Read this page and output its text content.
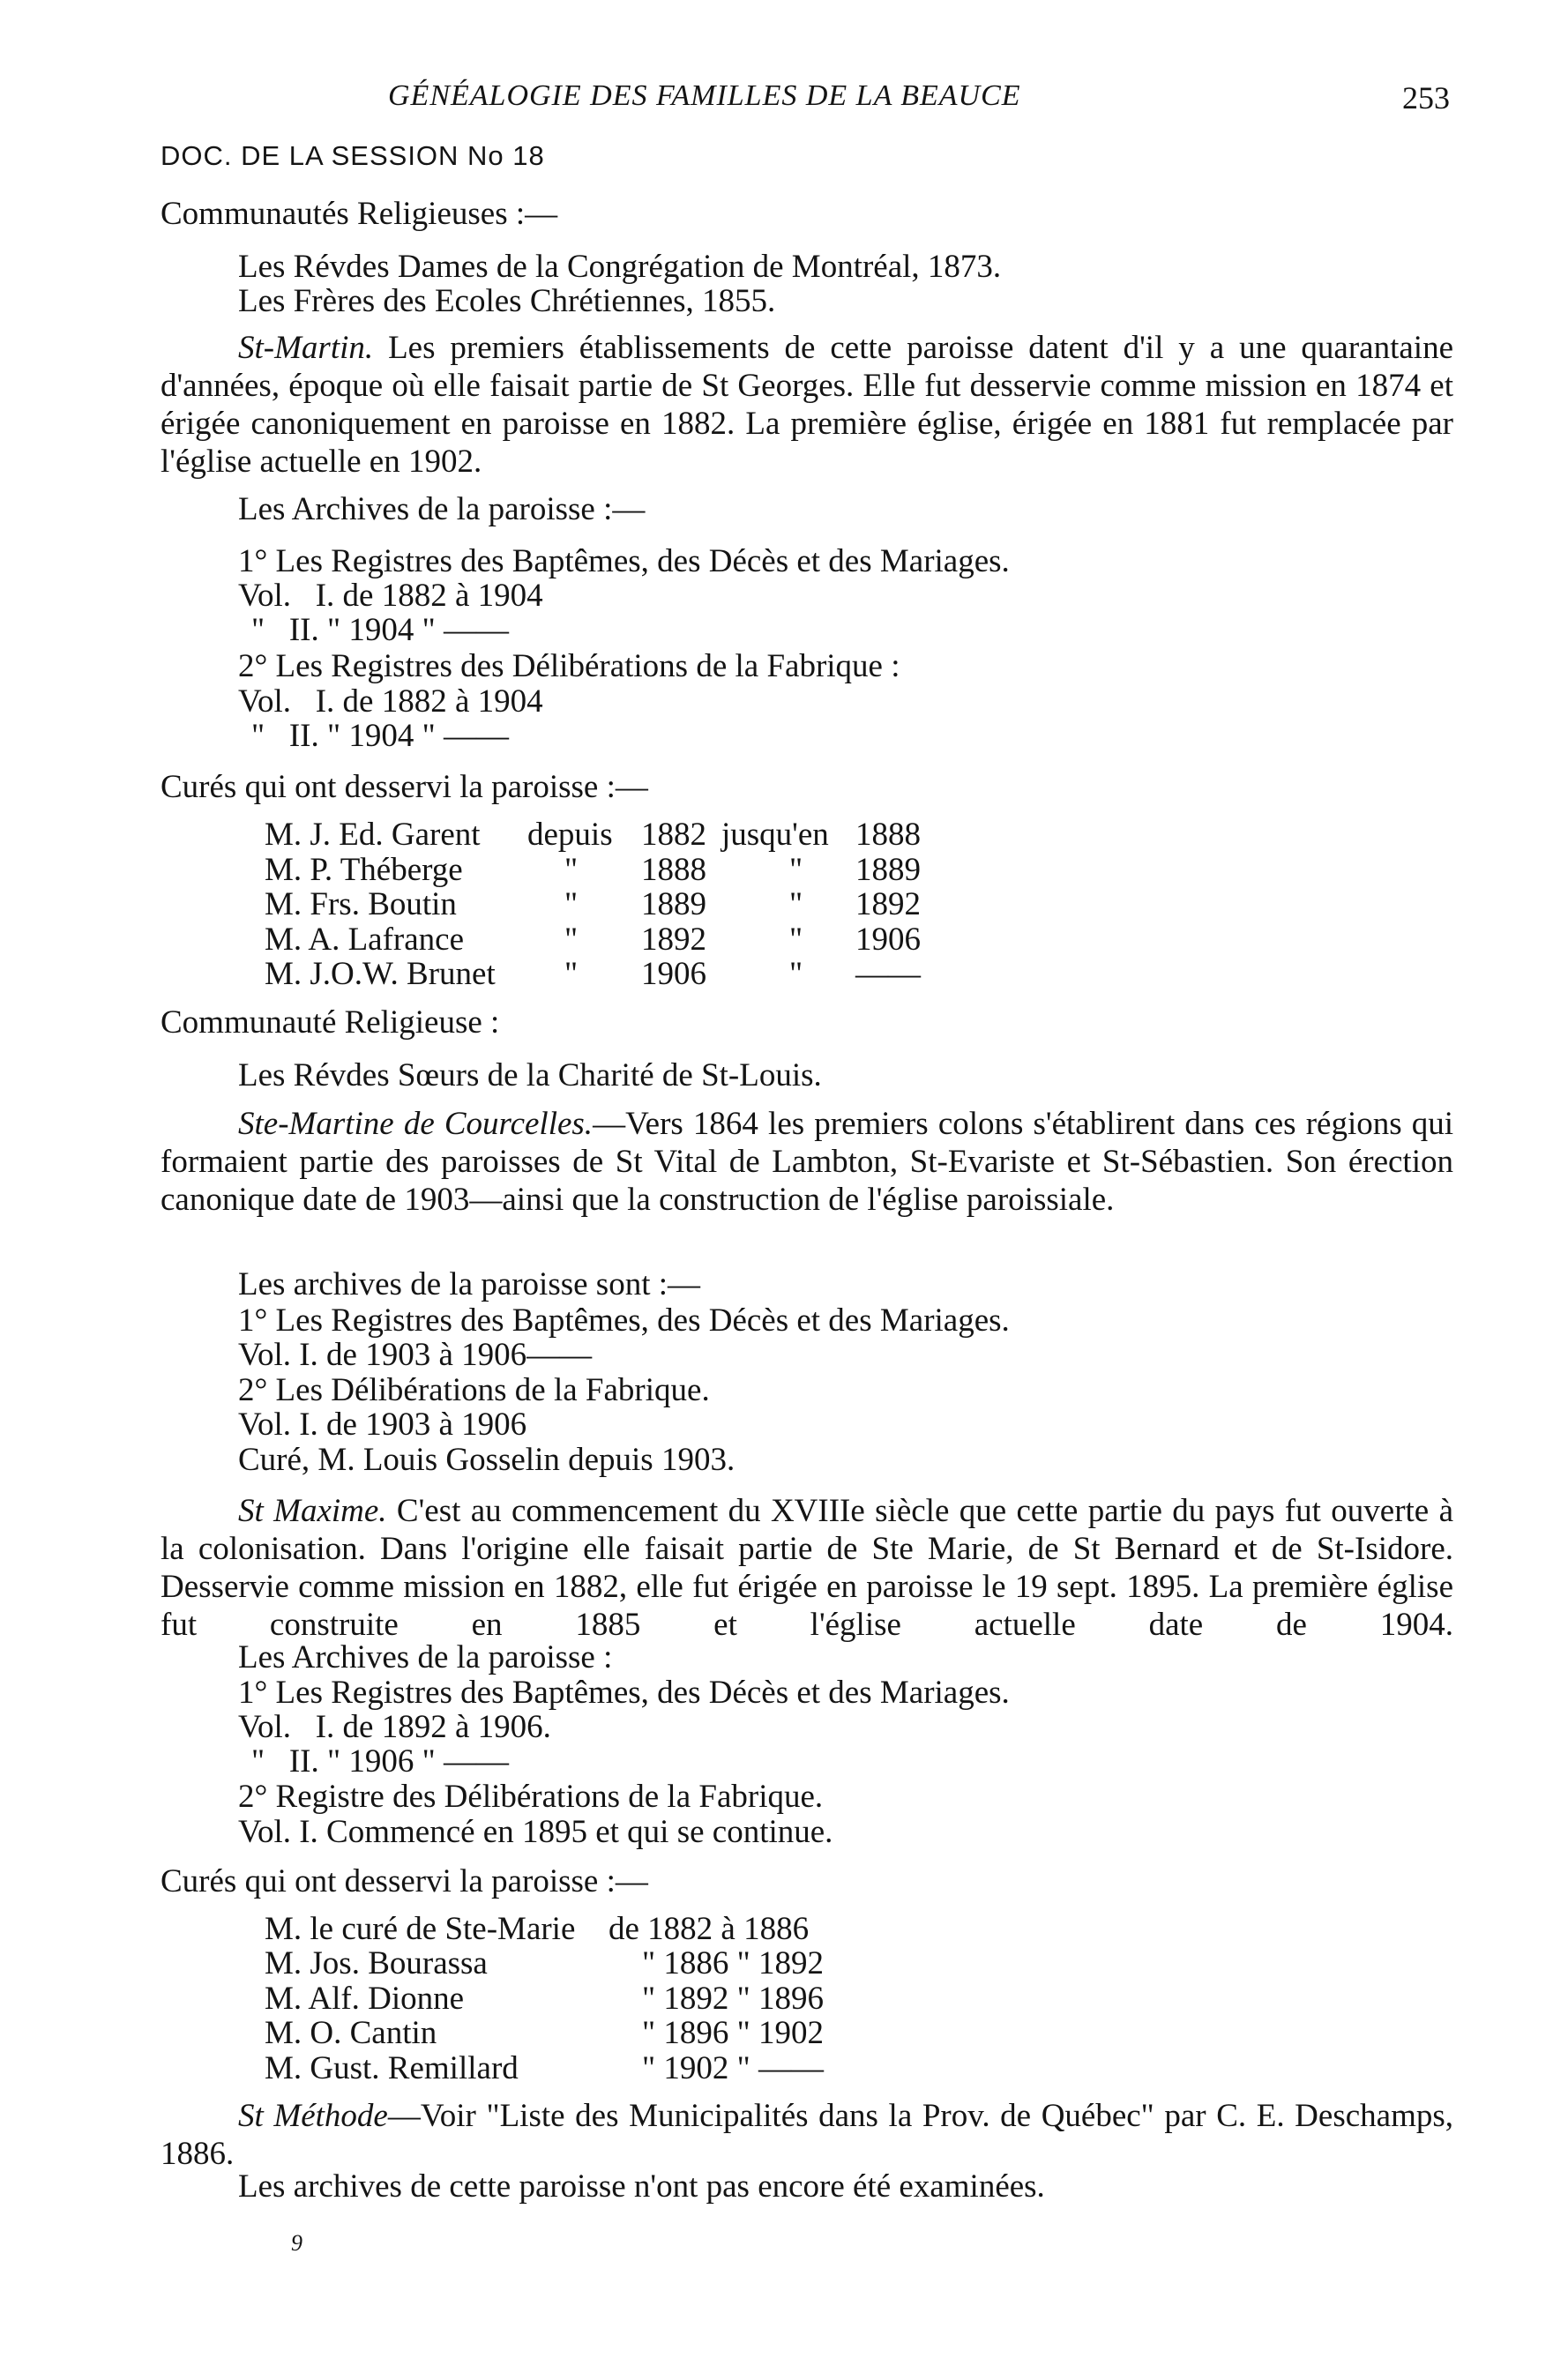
GÉNÉALOGIE DES FAMILLES DE LA BEAUCE	253
DOC. DE LA SESSION No 18
Communautés Religieuses :—
Les Révdes Dames de la Congrégation de Montréal, 1873.
Les Frères des Ecoles Chrétiennes, 1855.
St-Martin. Les premiers établissements de cette paroisse datent d'il y a une quarantaine d'années, époque où elle faisait partie de St Georges. Elle fut desservie comme mission en 1874 et érigée canoniquement en paroisse en 1882. La première église, érigée en 1881 fut remplacée par l'église actuelle en 1902.
Les Archives de la paroisse :—
1° Les Registres des Baptêmes, des Décès et des Mariages.
Vol.   I. de 1882 à 1904
"   II. " 1904 " ——
2° Les Registres des Délibérations de la Fabrique :
Vol.   I. de 1882 à 1904
"   II. " 1904 " ——
Curés qui ont desservi la paroisse :—
M. J. Ed. Garent depuis 1882 jusqu'en 1888
M. P. Théberge	" 1888	" 1889
M. Frs. Boutin	" 1889	" 1892
M. A. Lafrance	" 1892	" 1906
M. J.O.W. Brunet " 1906	" ——
Communauté Religieuse :
Les Révdes Sœurs de la Charité de St-Louis.
Ste-Martine de Courcelles.—Vers 1864 les premiers colons s'établirent dans ces régions qui formaient partie des paroisses de St Vital de Lambton, St-Evariste et St-Sébastien. Son érection canonique date de 1903—ainsi que la construction de l'église paroissiale.
Les archives de la paroisse sont :—
1° Les Registres des Baptêmes, des Décès et des Mariages.
Vol. I. de 1903 à 1906——
2° Les Délibérations de la Fabrique.
Vol. I. de 1903 à 1906
Curé, M. Louis Gosselin depuis 1903.
St Maxime. C'est au commencement du XVIIIe siècle que cette partie du pays fut ouverte à la colonisation. Dans l'origine elle faisait partie de Ste Marie, de St Bernard et de St-Isidore. Desservie comme mission en 1882, elle fut érigée en paroisse le 19 sept. 1895. La première église fut construite en 1885 et l'église actuelle date de 1904.
Les Archives de la paroisse :
1° Les Registres des Baptêmes, des Décès et des Mariages.
Vol.   I. de 1892 à 1906.
"   II. " 1906 " ——
2° Registre des Délibérations de la Fabrique.
Vol. I. Commencé en 1895 et qui se continue.
Curés qui ont desservi la paroisse :—
M. le curé de Ste-Marie de 1882 à 1886
M. Jos. Bourassa	" 1886 " 1892
M. Alf. Dionne	" 1892 " 1896
M. O. Cantin	" 1896 " 1902
M. Gust. Remillard	" 1902 " ——
St Méthode—Voir "Liste des Municipalités dans la Prov. de Québec" par C. E. Deschamps, 1886.
Les archives de cette paroisse n'ont pas encore été examinées.
9
